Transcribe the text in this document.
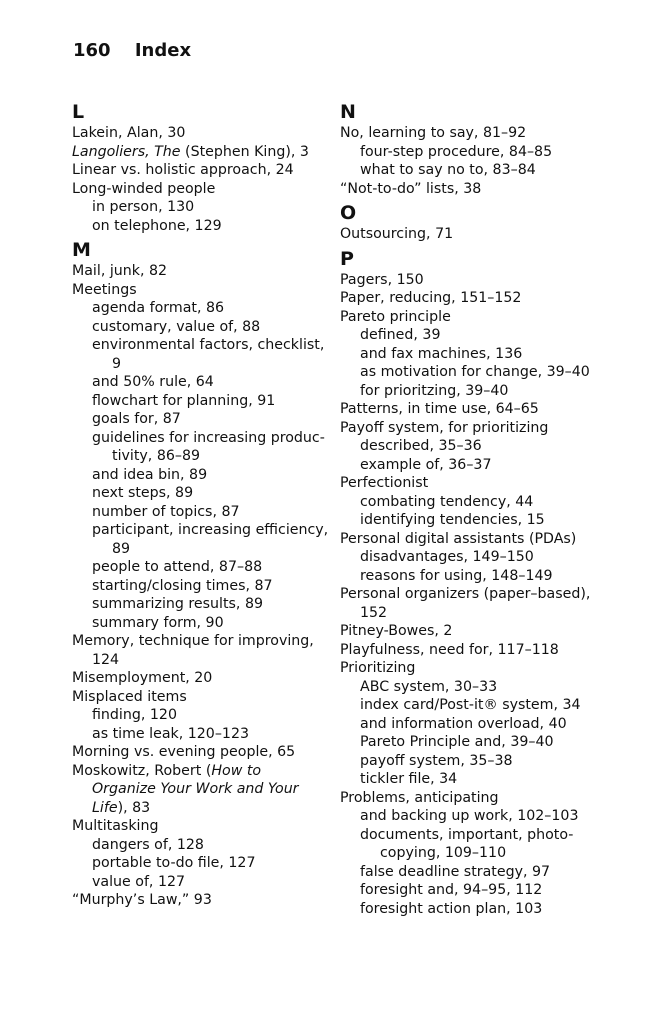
160 Index
L
Lakein, Alan, 30
Langoliers, The (Stephen King), 3
Linear vs. holistic approach, 24
Long-winded people
in person, 130
on telephone, 129
M
Mail, junk, 82
Meetings
agenda format, 86
customary, value of, 88
environmental factors, checklist,
9
and 50% rule, 64
flowchart for planning, 91
goals for, 87
guidelines for increasing produc-
tivity, 86–89
and idea bin, 89
next steps, 89
number of topics, 87
participant, increasing efficiency,
89
people to attend, 87–88
starting/closing times, 87
summarizing results, 89
summary form, 90
Memory, technique for improving,
124
Misemployment, 20
Misplaced items
finding, 120
as time leak, 120–123
Morning vs. evening people, 65
Moskowitz, Robert (How to
Organize Your Work and Your
Life), 83
Multitasking
dangers of, 128
portable to-do file, 127
value of, 127
“Murphy’s Law,” 93
N
No, learning to say, 81–92
four-step procedure, 84–85
what to say no to, 83–84
“Not-to-do” lists, 38
O
Outsourcing, 71
P
Pagers, 150
Paper, reducing, 151–152
Pareto principle
defined, 39
and fax machines, 136
as motivation for change, 39–40
for prioritzing, 39–40
Patterns, in time use, 64–65
Payoff system, for prioritizing
described, 35–36
example of, 36–37
Perfectionist
combating tendency, 44
identifying tendencies, 15
Personal digital assistants (PDAs)
disadvantages, 149–150
reasons for using, 148–149
Personal organizers (paper–based),
152
Pitney-Bowes, 2
Playfulness, need for, 117–118
Prioritizing
ABC system, 30–33
index card/Post-it® system, 34
and information overload, 40
Pareto Principle and, 39–40
payoff system, 35–38
tickler file, 34
Problems, anticipating
and backing up work, 102–103
documents, important, photo-
copying, 109–110
false deadline strategy, 97
foresight and, 94–95, 112
foresight action plan, 103
